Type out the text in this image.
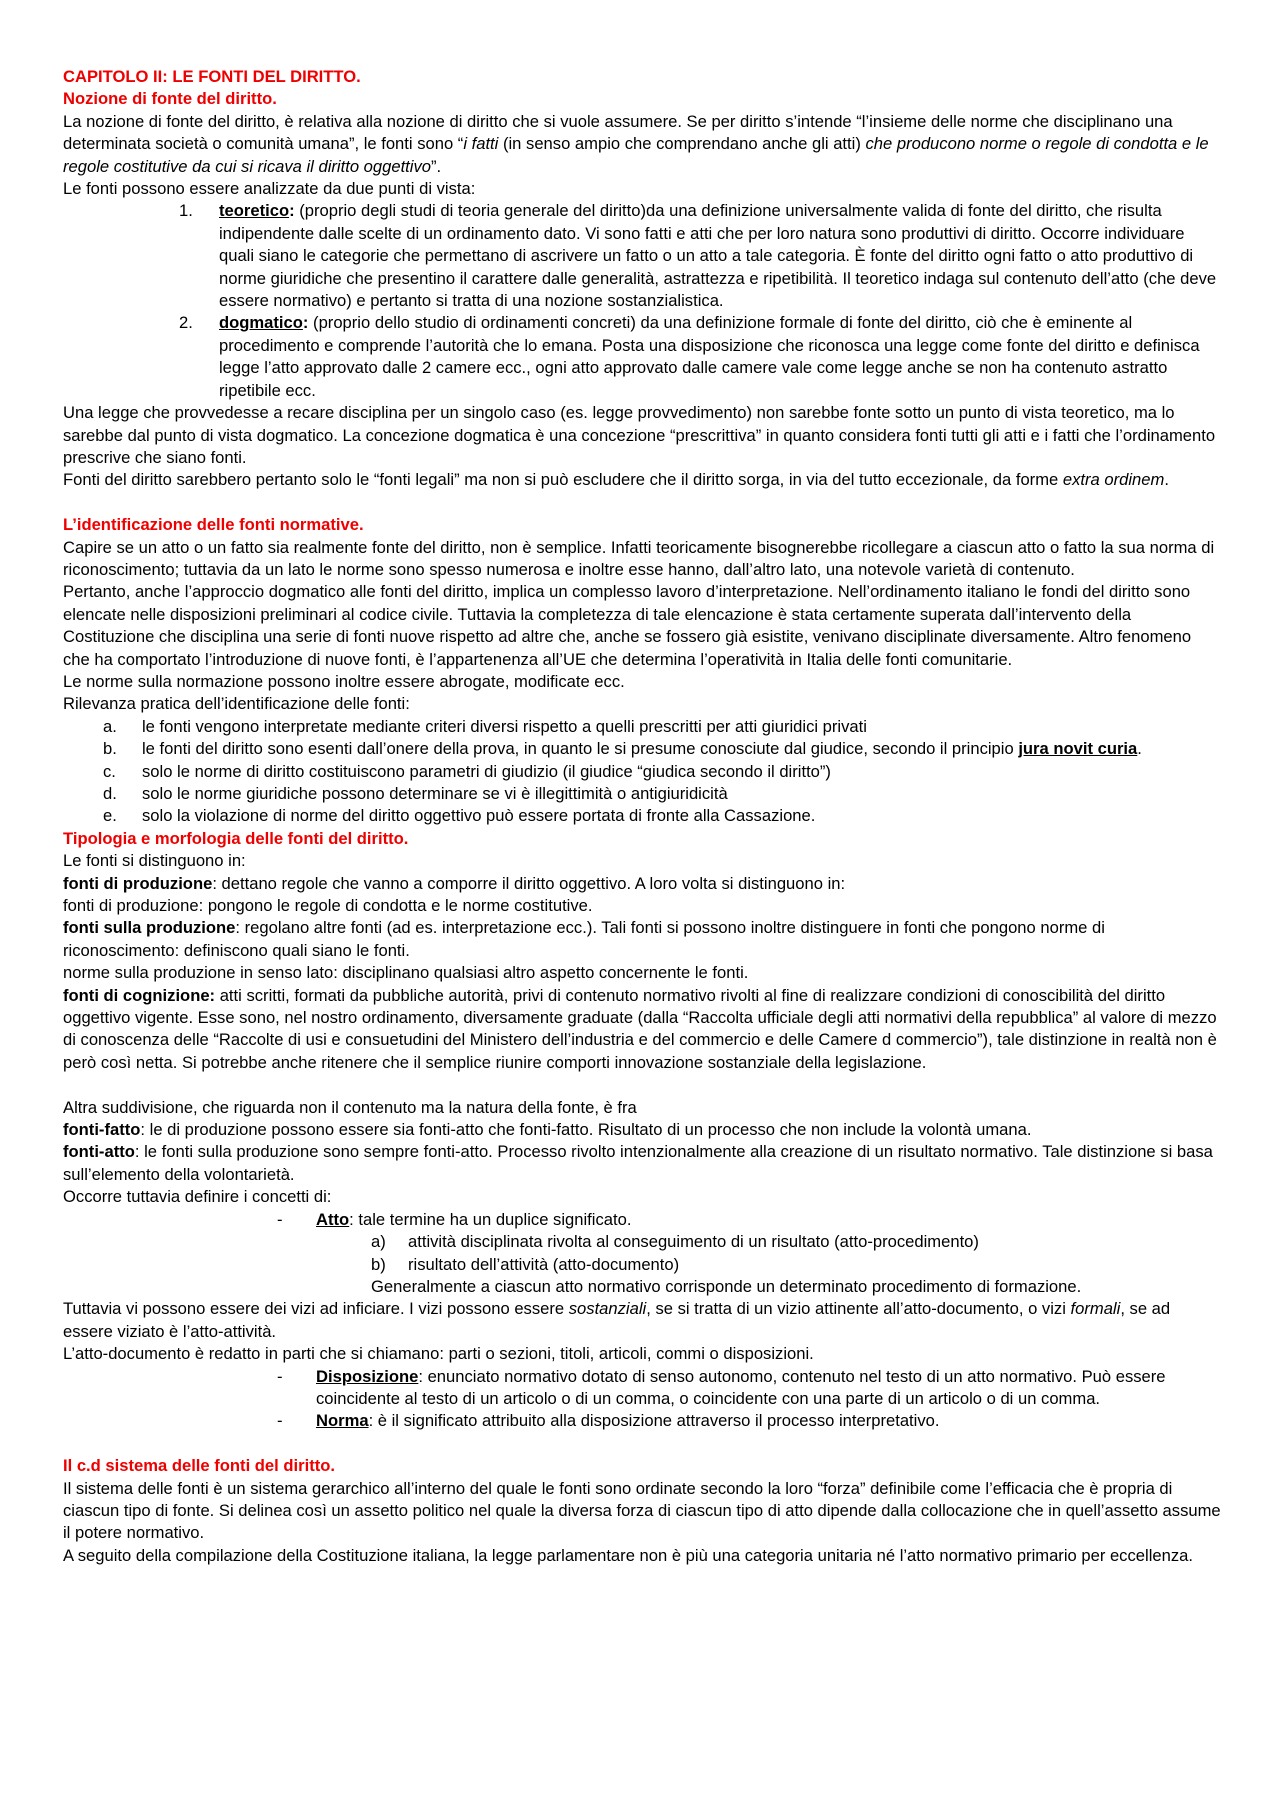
CAPITOLO II: LE FONTI DEL DIRITTO.

Nozione di fonte del diritto.

La nozione di fonte del diritto, è relativa alla nozione di diritto che si vuole assumere. Se per diritto s’intende “l’insieme delle norme che disciplinano una determinata società o comunità umana”, le fonti sono “i fatti (in senso ampio che comprendano anche gli atti) che producono norme o regole di condotta e le regole costitutive da cui si ricava il diritto oggettivo”.

Le fonti possono essere analizzate da due punti di vista:

1. teoretico: (proprio degli studi di teoria generale del diritto)da una definizione universalmente valida di fonte del diritto, che risulta indipendente dalle scelte di un ordinamento dato. Vi sono fatti e atti che per loro natura sono produttivi di diritto. Occorre individuare quali siano le categorie che permettano di ascrivere un fatto o un atto a tale categoria. È fonte del diritto ogni fatto o atto produttivo di norme giuridiche che presentino il carattere dalle generalità, astrattezza e ripetibilità. Il teoretico indaga sul contenuto dell’atto (che deve essere normativo) e pertanto si tratta di una nozione sostanzialistica.
2. dogmatico: (proprio dello studio di ordinamenti concreti) da una definizione formale di fonte del diritto, ciò che è eminente al procedimento e comprende l’autorità che lo emana. Posta una disposizione che riconosca una legge come fonte del diritto e definisca legge l’atto approvato dalle 2 camere ecc., ogni atto approvato dalle camere vale come legge anche se non ha contenuto astratto ripetibile ecc.

Una legge che provvedesse a recare disciplina per un singolo caso (es. legge provvedimento) non sarebbe fonte sotto un punto di vista teoretico, ma lo sarebbe dal punto di vista dogmatico. La concezione dogmatica è una concezione “prescrittiva” in quanto considera fonti tutti gli atti e i fatti che l’ordinamento prescrive che siano fonti.

Fonti del diritto sarebbero pertanto solo le “fonti legali” ma non si può escludere che il diritto sorga, in via del tutto eccezionale, da forme extra ordinem.

L’identificazione delle fonti normative.

Capire se un atto o un fatto sia realmente fonte del diritto, non è semplice. Infatti teoricamente bisognerebbe ricollegare a ciascun atto o fatto la sua norma di riconoscimento; tuttavia da un lato le norme sono spesso numerosa e inoltre esse hanno, dall’altro lato, una notevole varietà di contenuto.

Pertanto, anche l’approccio dogmatico alle fonti del diritto, implica un complesso lavoro d’interpretazione. Nell’ordinamento italiano le fondi del diritto sono elencate nelle disposizioni preliminari al codice civile. Tuttavia la completezza di tale elencazione è stata certamente superata dall’intervento della Costituzione che disciplina una serie di fonti nuove rispetto ad altre che, anche se fossero già esistite, venivano disciplinate diversamente. Altro fenomeno che ha comportato l’introduzione di nuove fonti, è l’appartenenza all’UE che determina l’operatività in Italia delle fonti comunitarie.

Le norme sulla normazione possono inoltre essere abrogate, modificate ecc.

Rilevanza pratica dell’identificazione delle fonti:

a. le fonti vengono interpretate mediante criteri diversi rispetto a quelli prescritti per atti giuridici privati
b. le fonti del diritto sono esenti dall’onere della prova, in quanto le si presume conosciute dal giudice, secondo il principio jura novit curia.
c. solo le norme di diritto costituiscono parametri di giudizio (il giudice “giudica secondo il diritto”)
d. solo le norme giuridiche possono determinare se vi è illegittimità o antigiuridicità
e. solo la violazione di norme del diritto oggettivo può essere portata di fronte alla Cassazione.

Tipologia e morfologia delle fonti del diritto.

Le fonti si distinguono in:

fonti di produzione: dettano regole che vanno a comporre il diritto oggettivo. A loro volta si distinguono in:

fonti di produzione: pongono le regole di condotta e le norme costitutive.

fonti sulla produzione: regolano altre fonti (ad es. interpretazione ecc.). Tali fonti si possono inoltre distinguere in fonti che pongono norme di riconoscimento: definiscono quali siano le fonti.

norme sulla produzione in senso lato: disciplinano qualsiasi altro aspetto concernente le fonti.

fonti di cognizione: atti scritti, formati da pubbliche autorità, privi di contenuto normativo rivolti al fine di realizzare condizioni di conoscibilità del diritto oggettivo vigente. Esse sono, nel nostro ordinamento, diversamente graduate (dalla “Raccolta ufficiale degli atti normativi della repubblica” al valore di mezzo di conoscenza delle “Raccolte di usi e consuetudini del Ministero dell’industria e del commercio e delle Camere d commercio”), tale distinzione in realtà non è però così netta. Si potrebbe anche ritenere che il semplice riunire comporti innovazione sostanziale della legislazione.

Altra suddivisione, che riguarda non il contenuto ma la natura della fonte, è fra

fonti-fatto: le di produzione possono essere sia fonti-atto che fonti-fatto. Risultato di un processo che non include la volontà umana.

fonti-atto: le fonti sulla produzione sono sempre fonti-atto. Processo rivolto intenzionalmente alla creazione di un risultato normativo. Tale distinzione si basa sull’elemento della volontarietà.

Occorre tuttavia definire i concetti di:

- Atto: tale termine ha un duplice significato.
a) attività disciplinata rivolta al conseguimento di un risultato (atto-procedimento)
b) risultato dell’attività (atto-documento)

Generalmente a ciascun atto normativo corrisponde un determinato procedimento di formazione.

Tuttavia vi possono essere dei vizi ad inficiare. I vizi possono essere sostanziali, se si tratta di un vizio attinente all’atto-documento, o vizi formali, se ad essere viziato è l’atto-attività.

L’atto-documento è redatto in parti che si chiamano: parti o sezioni, titoli, articoli, commi o disposizioni.

- Disposizione: enunciato normativo dotato di senso autonomo, contenuto nel testo di un atto normativo. Può essere coincidente al testo di un articolo o di un comma, o coincidente con una parte di un articolo o di un comma.
- Norma: è il significato attribuito alla disposizione attraverso il processo interpretativo.

Il c.d sistema delle fonti del diritto.

Il sistema delle fonti è un sistema gerarchico all’interno del quale le fonti sono ordinate secondo la loro “forza” definibile come l’efficacia che è propria di ciascun tipo di fonte. Si delinea così un assetto politico nel quale la diversa forza di ciascun tipo di atto dipende dalla collocazione che in quell’assetto assume il potere normativo.

A seguito della compilazione della Costituzione italiana, la legge parlamentare non è più una categoria unitaria né l’atto normativo primario per eccellenza.
